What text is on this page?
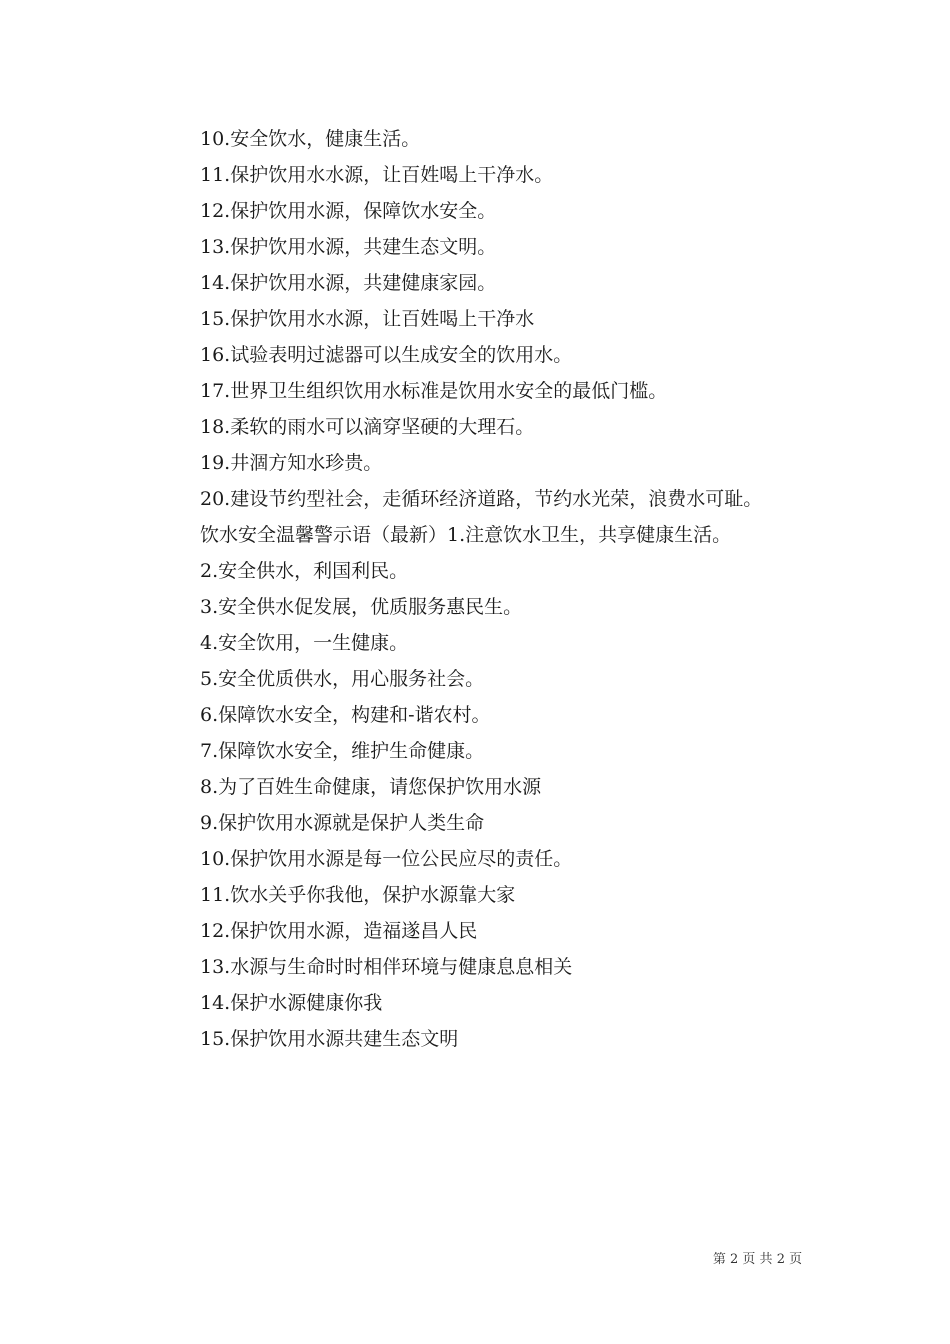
10.安全饮水，健康生活。
11.保护饮用水水源，让百姓喝上干净水。
12.保护饮用水源，保障饮水安全。
13.保护饮用水源，共建生态文明。
14.保护饮用水源，共建健康家园。
15.保护饮用水水源，让百姓喝上干净水
16.试验表明过滤器可以生成安全的饮用水。
17.世界卫生组织饮用水标准是饮用水安全的最低门槛。
18.柔软的雨水可以滴穿坚硬的大理石。
19.井涸方知水珍贵。
20.建设节约型社会，走循环经济道路，节约水光荣，浪费水可耻。
饮水安全温馨警示语（最新）1.注意饮水卫生，共享健康生活。
2.安全供水，利国利民。
3.安全供水促发展，优质服务惠民生。
4.安全饮用，一生健康。
5.安全优质供水，用心服务社会。
6.保障饮水安全，构建和-谐农村。
7.保障饮水安全，维护生命健康。
8.为了百姓生命健康，请您保护饮用水源
9.保护饮用水源就是保护人类生命
10.保护饮用水源是每一位公民应尽的责任。
11.饮水关乎你我他，保护水源靠大家
12.保护饮用水源，造福遂昌人民
13.水源与生命时时相伴环境与健康息息相关
14.保护水源健康你我
15.保护饮用水源共建生态文明
第 2 页 共 2 页
